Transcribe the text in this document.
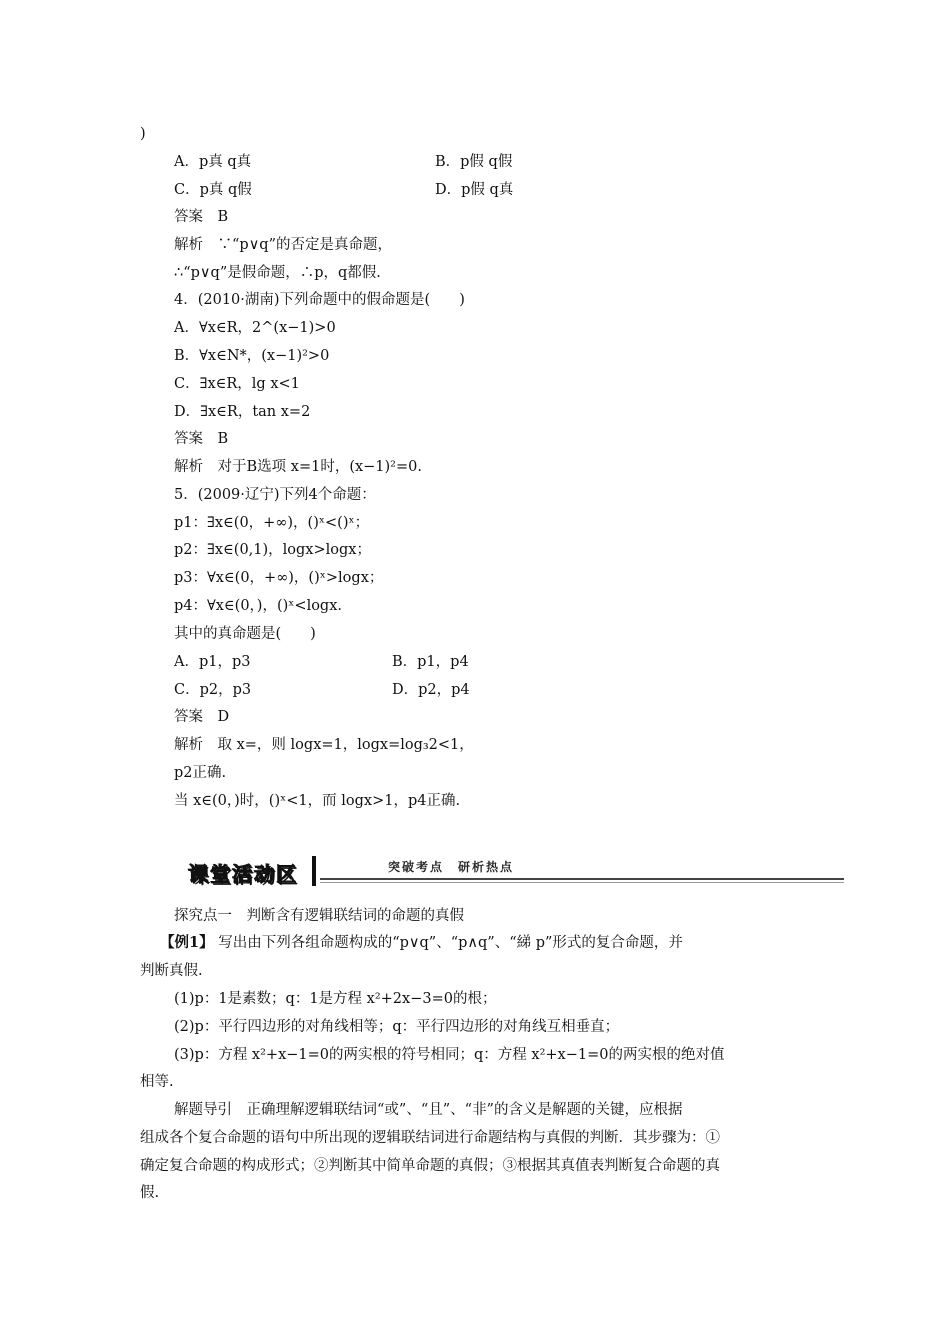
)
A．p真 q真	B．p假 q假
C．p真 q假	D．p假 q真
答案　B
解析　∵“p∨q”的否定是真命题，
∴“p∨q”是假命题，∴p，q都假.
4．(2010·湖南)下列命题中的假命题是(　　)
A．∀x∈R，2^(x−1)>0
B．∀x∈N*，(x−1)²>0
C．∃x∈R，lg x<1
D．∃x∈R，tan x=2
答案　B
解析　对于B选项 x=1时，(x−1)²=0.
5．(2009·辽宁)下列4个命题：
p1：∃x∈(0，+∞)，()ˣ<()ˣ；
p2：∃x∈(0,1)，logx>logx；
p3：∀x∈(0，+∞)，()ˣ>logx；
p4：∀x∈(0，)，()ˣ<logx.
其中的真命题是(　　)
A．p1，p3	B．p1，p4
C．p2，p3	D．p2，p4
答案　D
解析　取 x=，则 logx=1，logx=log₃2<1，
p2正确.
当 x∈(0，)时，()ˣ<1，而 logx>1，p4正确.
课堂活动区	突破考点　研析热点
探究点一　判断含有逻辑联结词的命题的真假
【例1】 写出由下列各组命题构成的“p∨q”、“p∧q”、“綈 p”形式的复合命题，并
判断真假.
(1)p：1是素数；q：1是方程 x²+2x−3=0的根；
(2)p：平行四边形的对角线相等；q：平行四边形的对角线互相垂直；
(3)p：方程 x²+x−1=0的两实根的符号相同；q：方程 x²+x−1=0的两实根的绝对值
相等.
解题导引　正确理解逻辑联结词“或”、“且”、“非”的含义是解题的关键，应根据
组成各个复合命题的语句中所出现的逻辑联结词进行命题结构与真假的判断．其步骤为：①
确定复合命题的构成形式；②判断其中简单命题的真假；③根据其真值表判断复合命题的真
假.
